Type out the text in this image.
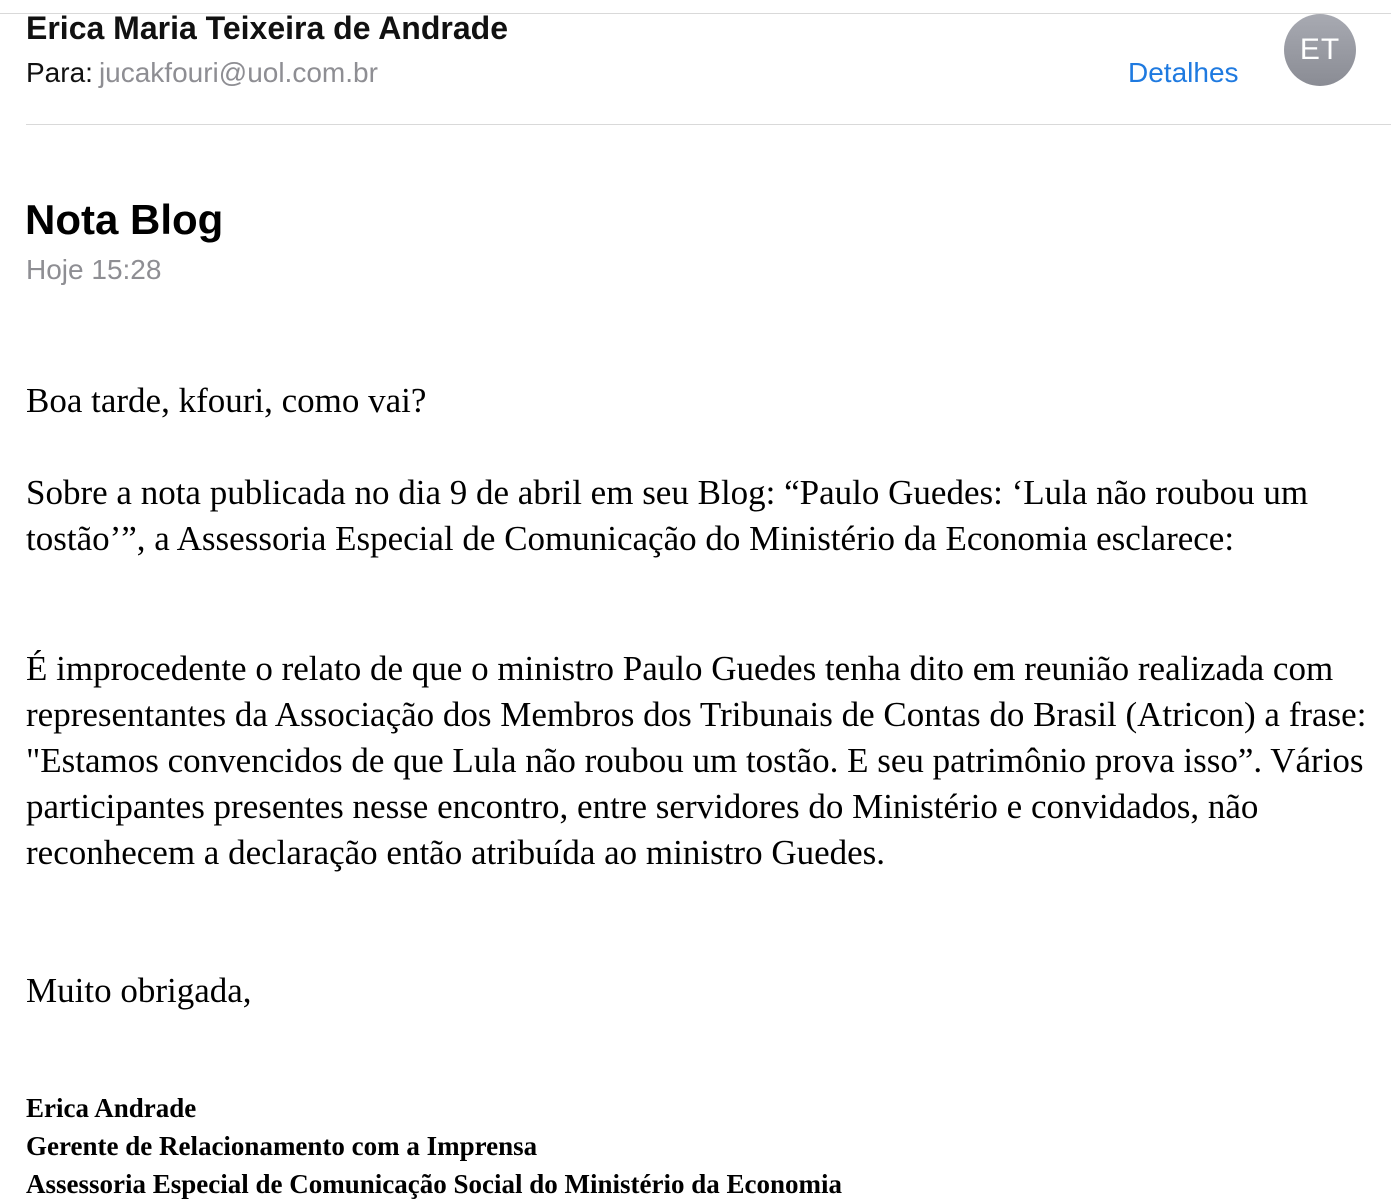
Erica Maria Teixeira de Andrade
Para: jucakfouri@uol.com.br	Detalhes
ET
Nota Blog
Hoje 15:28

Boa tarde, kfouri, como vai?

Sobre a nota publicada no dia 9 de abril em seu Blog: “Paulo Guedes: ‘Lula não roubou um tostão’”, a Assessoria Especial de Comunicação do Ministério da Economia esclarece:

É improcedente o relato de que o ministro Paulo Guedes tenha dito em reunião realizada com representantes da Associação dos Membros dos Tribunais de Contas do Brasil (Atricon) a frase: "Estamos convencidos de que Lula não roubou um tostão. E seu patrimônio prova isso”. Vários participantes presentes nesse encontro, entre servidores do Ministério e convidados, não reconhecem a declaração então atribuída ao ministro Guedes.

Muito obrigada,

Erica Andrade
Gerente de Relacionamento com a Imprensa
Assessoria Especial de Comunicação Social do Ministério da Economia
